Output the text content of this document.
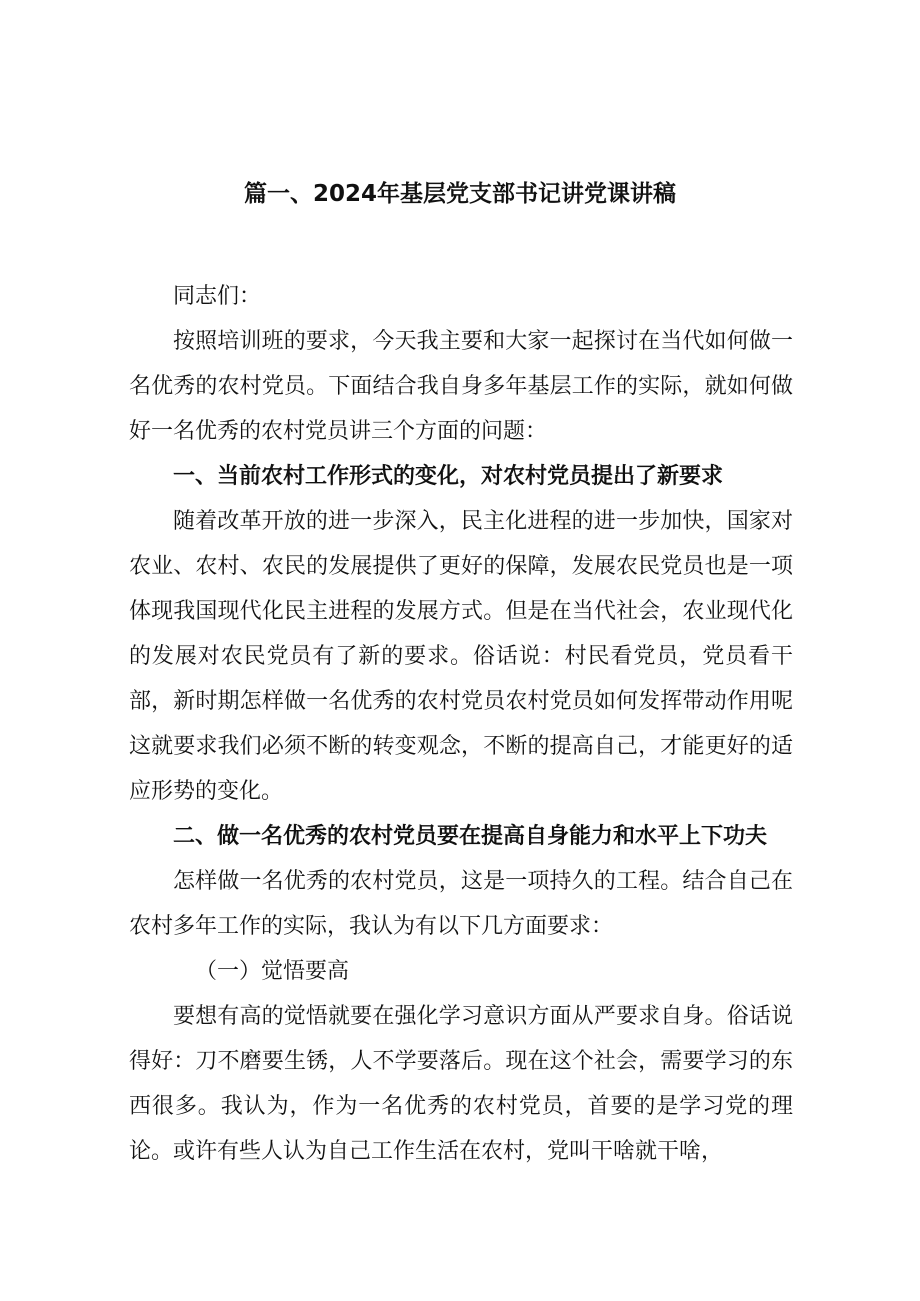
篇一、2024年基层党支部书记讲党课讲稿

同志们：

按照培训班的要求，今天我主要和大家一起探讨在当代如何做一名优秀的农村党员。下面结合我自身多年基层工作的实际，就如何做好一名优秀的农村党员讲三个方面的问题：

一、当前农村工作形式的变化，对农村党员提出了新要求

随着改革开放的进一步深入，民主化进程的进一步加快，国家对农业、农村、农民的发展提供了更好的保障，发展农民党员也是一项体现我国现代化民主进程的发展方式。但是在当代社会，农业现代化的发展对农民党员有了新的要求。俗话说：村民看党员，党员看干部，新时期怎样做一名优秀的农村党员农村党员如何发挥带动作用呢这就要求我们必须不断的转变观念，不断的提高自己，才能更好的适应形势的变化。

二、做一名优秀的农村党员要在提高自身能力和水平上下功夫

怎样做一名优秀的农村党员，这是一项持久的工程。结合自己在农村多年工作的实际，我认为有以下几方面要求：

（一）觉悟要高

要想有高的觉悟就要在强化学习意识方面从严要求自身。俗话说得好：刀不磨要生锈，人不学要落后。现在这个社会，需要学习的东西很多。我认为，作为一名优秀的农村党员，首要的是学习党的理论。或许有些人认为自己工作生活在农村，党叫干啥就干啥，
